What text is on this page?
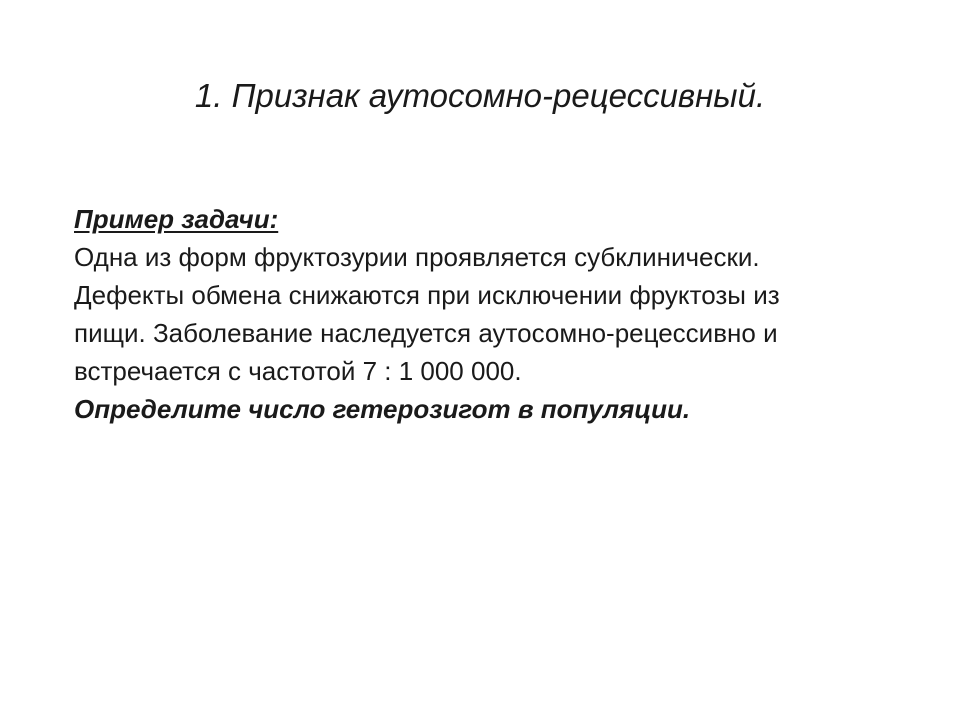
1. Признак аутосомно-рецессивный.
Пример задачи:
Одна из форм фруктозурии проявляется субклинически.
Дефекты обмена снижаются при исключении фруктозы из
пищи. Заболевание наследуется аутосомно-рецессивно и
встречается с частотой 7 : 1 000 000.
Определите число гетерозигот в популяции.
